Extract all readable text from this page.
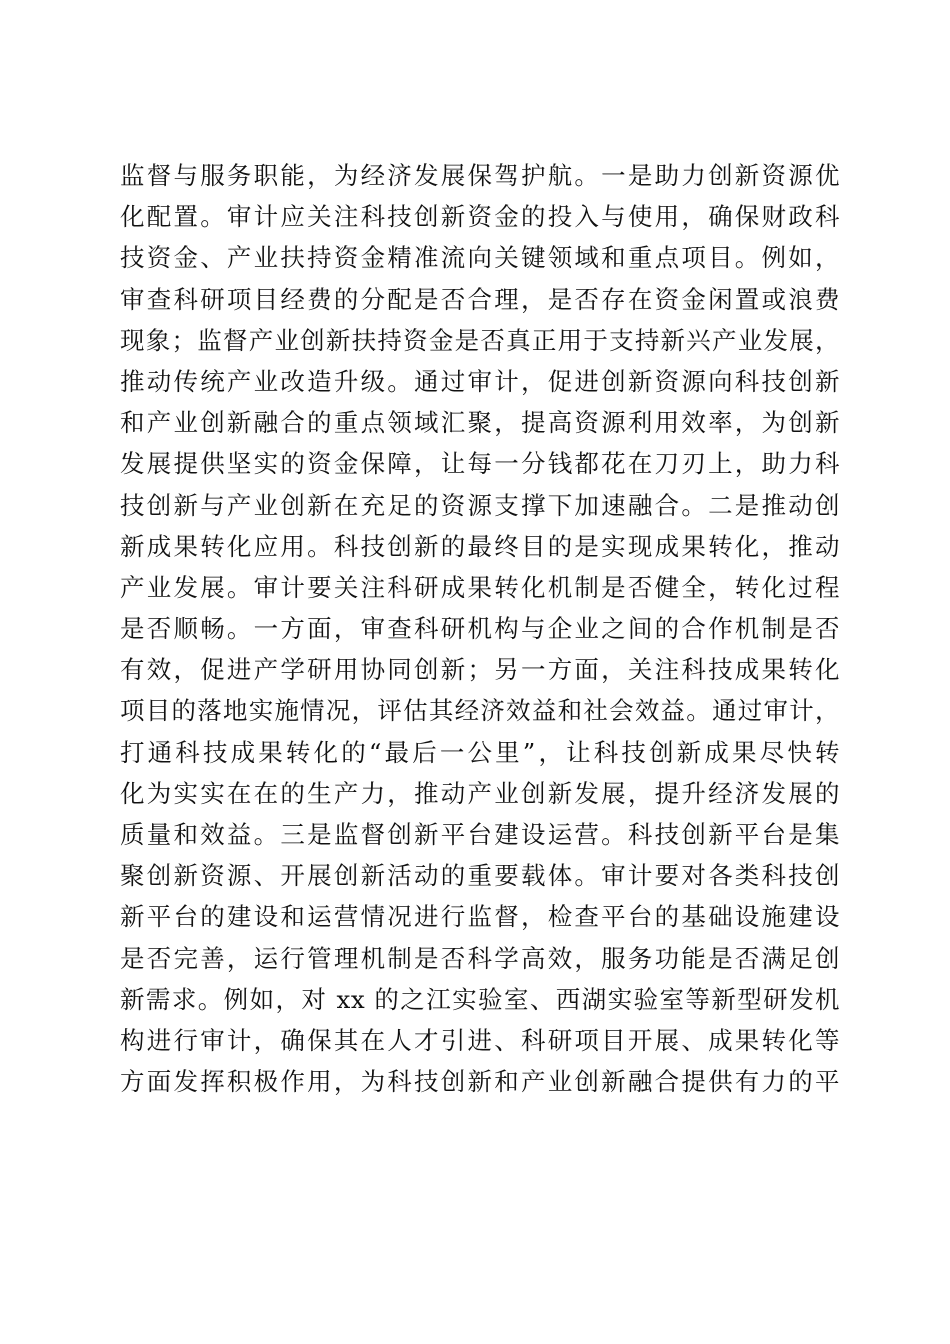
监督与服务职能，为经济发展保驾护航。一是助力创新资源优
化配置。审计应关注科技创新资金的投入与使用，确保财政科
技资金、产业扶持资金精准流向关键领域和重点项目。例如，
审查科研项目经费的分配是否合理，是否存在资金闲置或浪费
现象；监督产业创新扶持资金是否真正用于支持新兴产业发展，
推动传统产业改造升级。通过审计，促进创新资源向科技创新
和产业创新融合的重点领域汇聚，提高资源利用效率，为创新
发展提供坚实的资金保障，让每一分钱都花在刀刃上，助力科
技创新与产业创新在充足的资源支撑下加速融合。二是推动创
新成果转化应用。科技创新的最终目的是实现成果转化，推动
产业发展。审计要关注科研成果转化机制是否健全，转化过程
是否顺畅。一方面，审查科研机构与企业之间的合作机制是否
有效，促进产学研用协同创新；另一方面，关注科技成果转化
项目的落地实施情况，评估其经济效益和社会效益。通过审计，
打通科技成果转化的“最后一公里”，让科技创新成果尽快转
化为实实在在的生产力，推动产业创新发展，提升经济发展的
质量和效益。三是监督创新平台建设运营。科技创新平台是集
聚创新资源、开展创新活动的重要载体。审计要对各类科技创
新平台的建设和运营情况进行监督，检查平台的基础设施建设
是否完善，运行管理机制是否科学高效，服务功能是否满足创
新需求。例如，对 xx 的之江实验室、西湖实验室等新型研发机
构进行审计，确保其在人才引进、科研项目开展、成果转化等
方面发挥积极作用，为科技创新和产业创新融合提供有力的平
